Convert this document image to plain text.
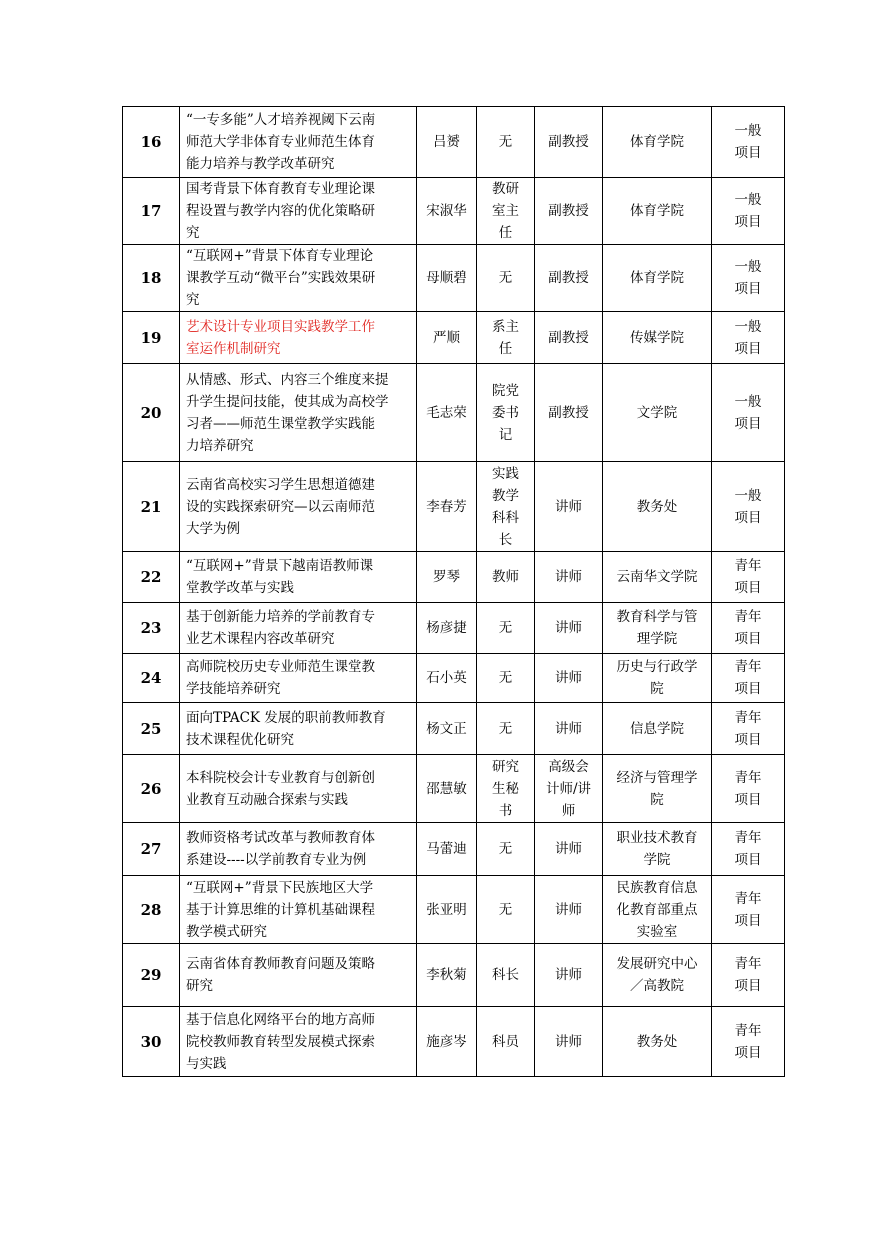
16	“一专多能”人才培养视阈下云南
师范大学非体育专业师范生体育
能力培养与教学改革研究	吕赟	无	副教授	体育学院	一般
项目
17	国考背景下体育教育专业理论课
程设置与教学内容的优化策略研
究	宋淑华	教研
室主
任	副教授	体育学院	一般
项目
18	“互联网+”背景下体育专业理论
课教学互动“微平台”实践效果研
究	母顺碧	无	副教授	体育学院	一般
项目
19	艺术设计专业项目实践教学工作
室运作机制研究	严顺	系主
任	副教授	传媒学院	一般
项目
20	从情感、形式、内容三个维度来提
升学生提问技能，使其成为高校学
习者——师范生课堂教学实践能
力培养研究	毛志荣	院党
委书
记	副教授	文学院	一般
项目
21	云南省高校实习学生思想道德建
设的实践探索研究—以云南师范
大学为例	李春芳	实践
教学
科科
长	讲师	教务处	一般
项目
22	“互联网+”背景下越南语教师课
堂教学改革与实践	罗琴	教师	讲师	云南华文学院	青年
项目
23	基于创新能力培养的学前教育专
业艺术课程内容改革研究	杨彦捷	无	讲师	教育科学与管
理学院	青年
项目
24	高师院校历史专业师范生课堂教
学技能培养研究	石小英	无	讲师	历史与行政学
院	青年
项目
25	面向TPACK 发展的职前教师教育
技术课程优化研究	杨文正	无	讲师	信息学院	青年
项目
26	本科院校会计专业教育与创新创
业教育互动融合探索与实践	邵慧敏	研究
生秘
书	高级会
计师/讲
师	经济与管理学
院	青年
项目
27	教师资格考试改革与教师教育体
系建设----以学前教育专业为例	马蕾迪	无	讲师	职业技术教育
学院	青年
项目
28	“互联网+”背景下民族地区大学
基于计算思维的计算机基础课程
教学模式研究	张亚明	无	讲师	民族教育信息
化教育部重点
实验室	青年
项目
29	云南省体育教师教育问题及策略
研究	李秋菊	科长	讲师	发展研究中心
／高教院	青年
项目
30	基于信息化网络平台的地方高师
院校教师教育转型发展模式探索
与实践	施彦岑	科员	讲师	教务处	青年
项目
